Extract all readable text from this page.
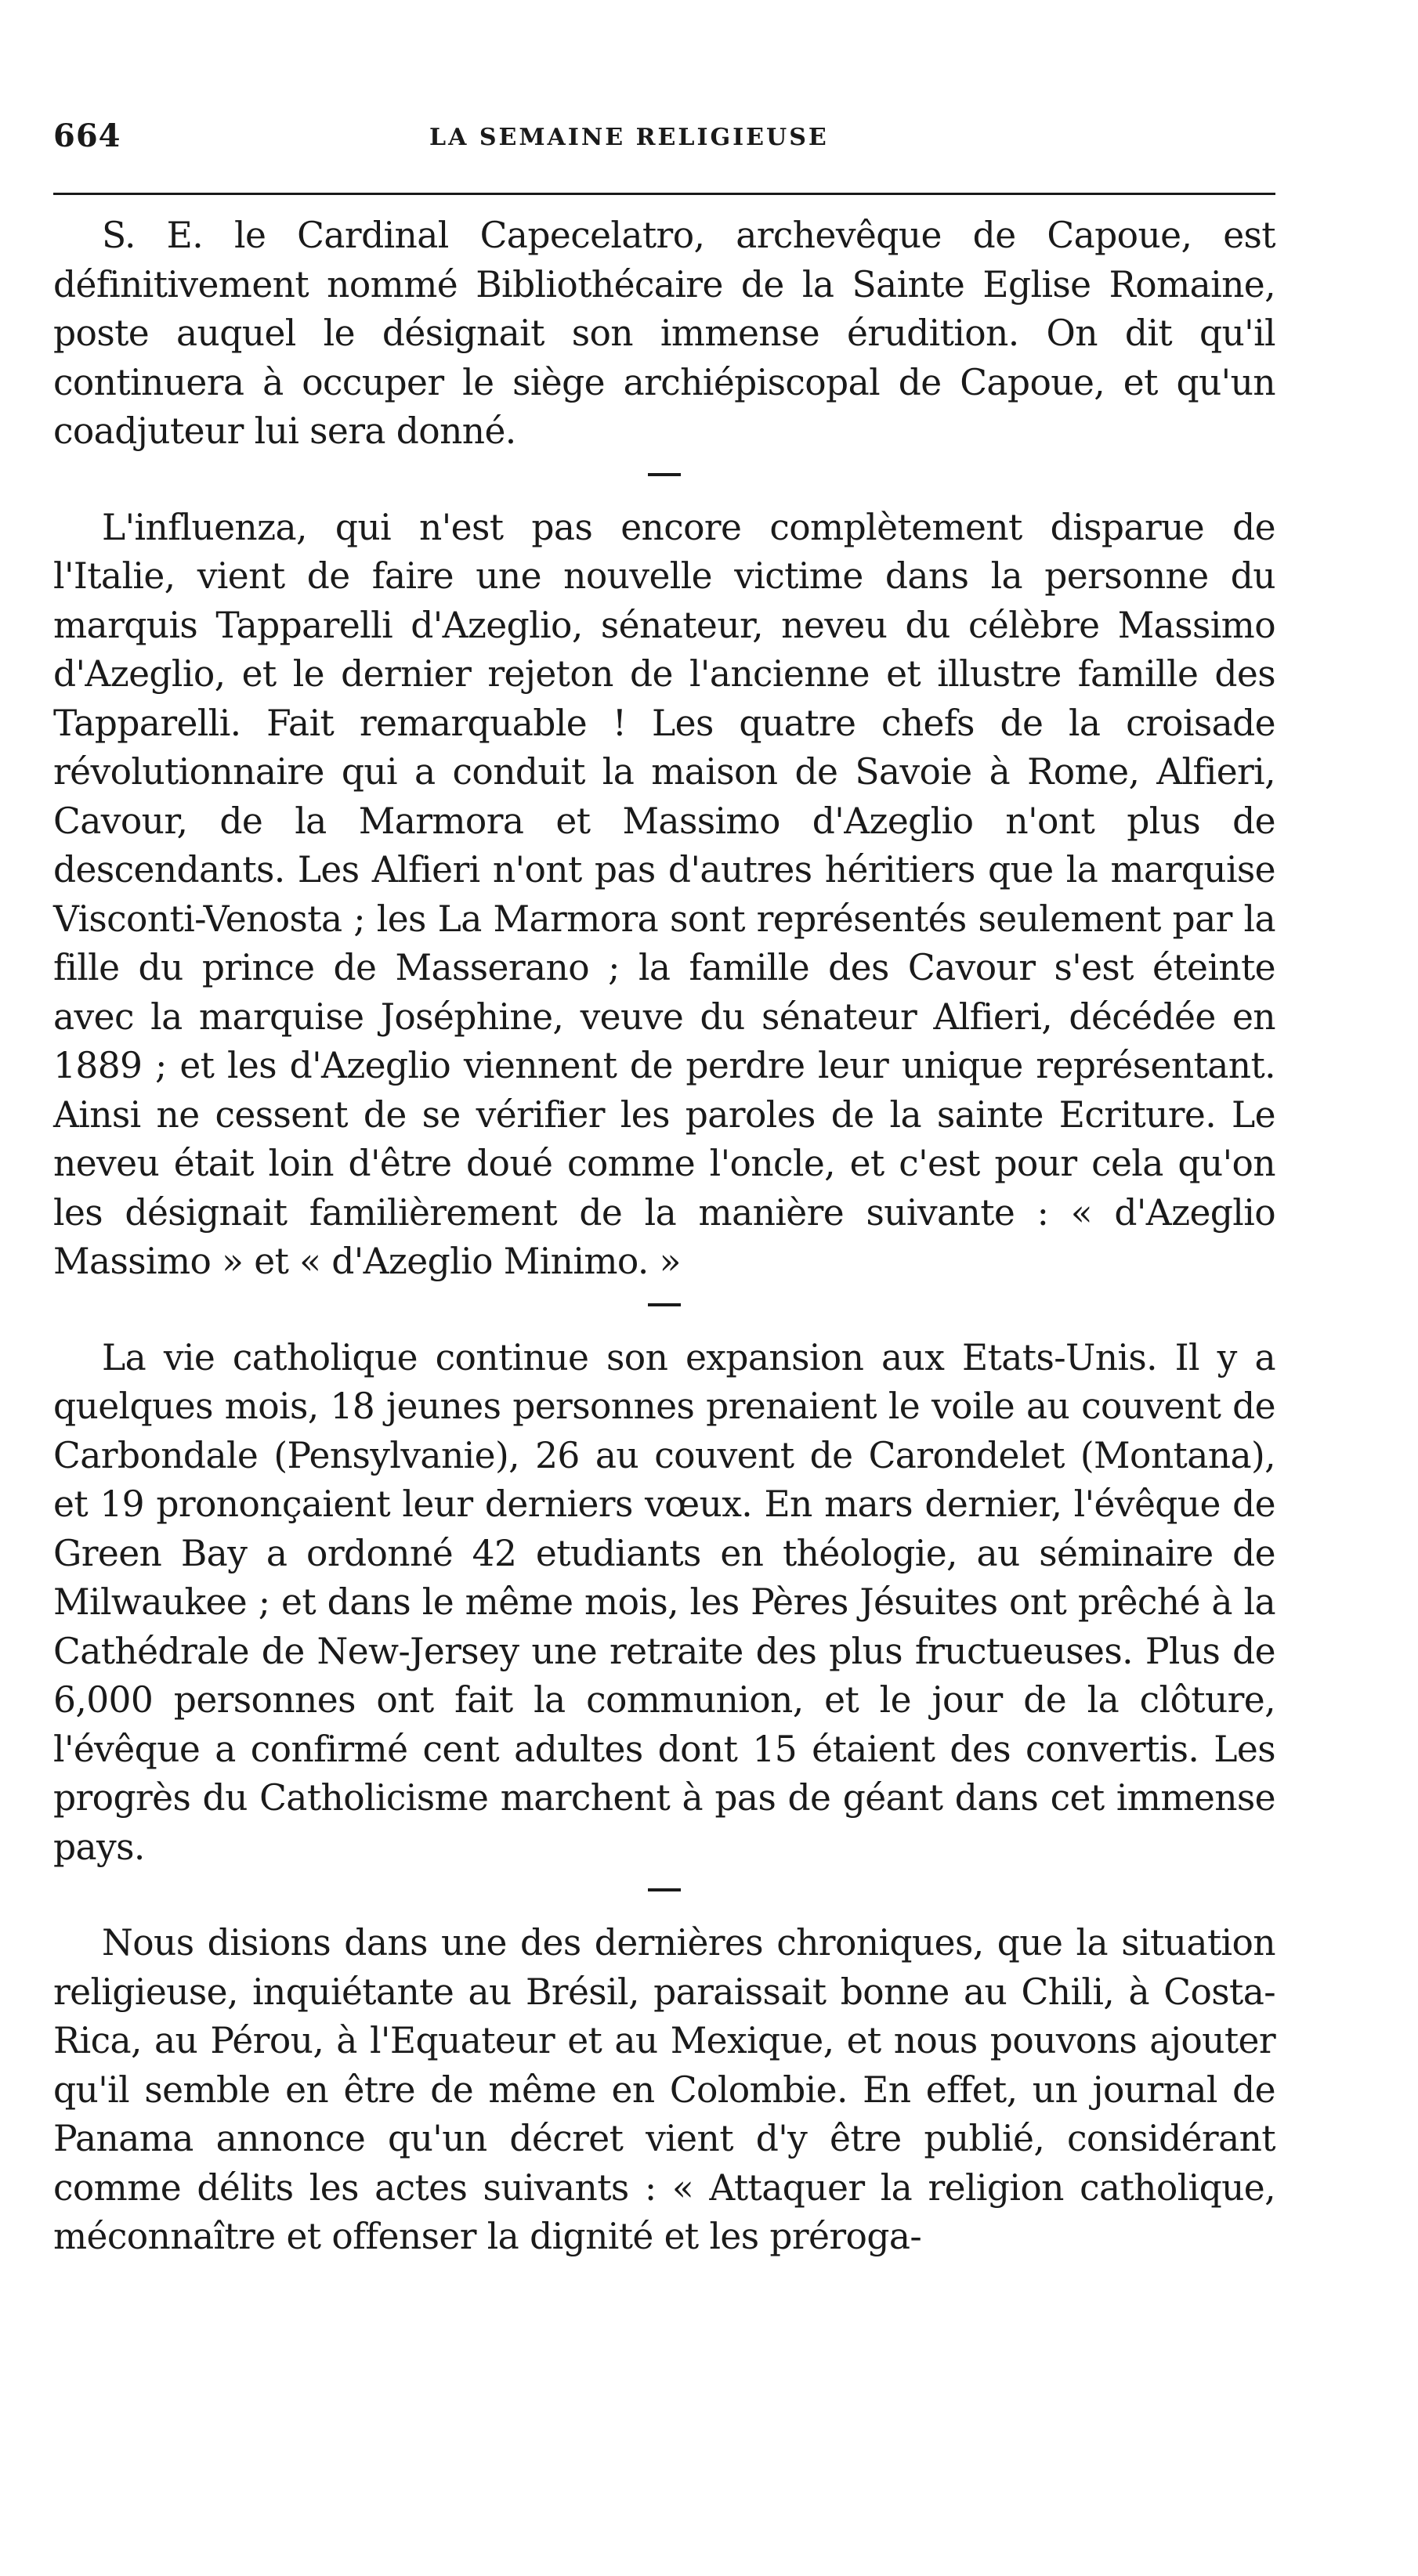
664	LA SEMAINE RELIGIEUSE

S. E. le Cardinal Capecelatro, archevêque de Capoue, est définitivement nommé Bibliothécaire de la Sainte Eglise Romaine, poste auquel le désignait son immense érudition. On dit qu'il continuera à occuper le siège archiépiscopal de Capoue, et qu'un coadjuteur lui sera donné.

L'influenza, qui n'est pas encore complètement disparue de l'Italie, vient de faire une nouvelle victime dans la personne du marquis Tapparelli d'Azeglio, sénateur, neveu du célèbre Massimo d'Azeglio, et le dernier rejeton de l'ancienne et illustre famille des Tapparelli. Fait remarquable ! Les quatre chefs de la croisade révolutionnaire qui a conduit la maison de Savoie à Rome, Alfieri, Cavour, de la Marmora et Massimo d'Azeglio n'ont plus de descendants. Les Alfieri n'ont pas d'autres héritiers que la marquise Visconti-Venosta ; les La Marmora sont représentés seulement par la fille du prince de Masserano ; la famille des Cavour s'est éteinte avec la marquise Joséphine, veuve du sénateur Alfieri, décédée en 1889 ; et les d'Azeglio viennent de perdre leur unique représentant. Ainsi ne cessent de se vérifier les paroles de la sainte Ecriture. Le neveu était loin d'être doué comme l'oncle, et c'est pour cela qu'on les désignait familièrement de la manière suivante : « d'Azeglio Massimo » et « d'Azeglio Minimo. »

La vie catholique continue son expansion aux Etats-Unis. Il y a quelques mois, 18 jeunes personnes prenaient le voile au couvent de Carbondale (Pensylvanie), 26 au couvent de Carondelet (Montana), et 19 prononçaient leur derniers vœux. En mars dernier, l'évêque de Green Bay a ordonné 42 etudiants en théologie, au séminaire de Milwaukee ; et dans le même mois, les Pères Jésuites ont prêché à la Cathédrale de New-Jersey une retraite des plus fructueuses. Plus de 6,000 personnes ont fait la communion, et le jour de la clôture, l'évêque a confirmé cent adultes dont 15 étaient des convertis. Les progrès du Catholicisme marchent à pas de géant dans cet immense pays.

Nous disions dans une des dernières chroniques, que la situation religieuse, inquiétante au Brésil, paraissait bonne au Chili, à Costa-Rica, au Pérou, à l'Equateur et au Mexique, et nous pouvons ajouter qu'il semble en être de même en Colombie. En effet, un journal de Panama annonce qu'un décret vient d'y être publié, considérant comme délits les actes suivants : « Attaquer la religion catholique, méconnaître et offenser la dignité et les préroga-
